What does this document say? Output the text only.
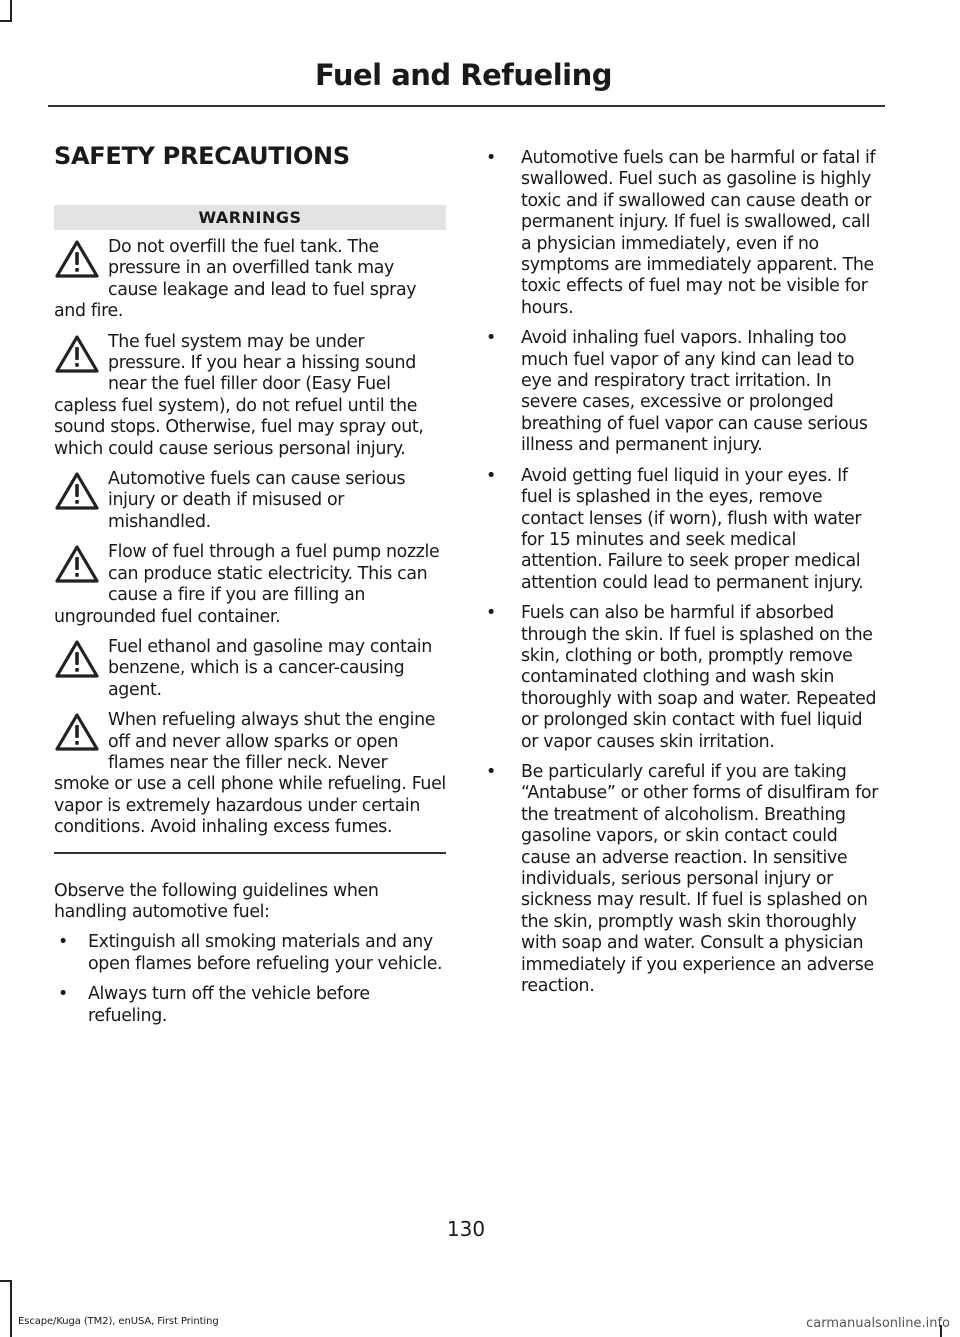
Fuel and Refueling
SAFETY PRECAUTIONS
WARNINGS
Do not overfill the fuel tank. The pressure in an overfilled tank may cause leakage and lead to fuel spray and fire.
The fuel system may be under pressure. If you hear a hissing sound near the fuel filler door (Easy Fuel capless fuel system), do not refuel until the sound stops. Otherwise, fuel may spray out, which could cause serious personal injury.
Automotive fuels can cause serious injury or death if misused or mishandled.
Flow of fuel through a fuel pump nozzle can produce static electricity. This can cause a fire if you are filling an ungrounded fuel container.
Fuel ethanol and gasoline may contain benzene, which is a cancer-causing agent.
When refueling always shut the engine off and never allow sparks or open flames near the filler neck. Never smoke or use a cell phone while refueling. Fuel vapor is extremely hazardous under certain conditions. Avoid inhaling excess fumes.

Observe the following guidelines when handling automotive fuel:

• Extinguish all smoking materials and any open flames before refueling your vehicle.
• Always turn off the vehicle before refueling.
• Automotive fuels can be harmful or fatal if swallowed. Fuel such as gasoline is highly toxic and if swallowed can cause death or permanent injury. If fuel is swallowed, call a physician immediately, even if no symptoms are immediately apparent. The toxic effects of fuel may not be visible for hours.
• Avoid inhaling fuel vapors. Inhaling too much fuel vapor of any kind can lead to eye and respiratory tract irritation. In severe cases, excessive or prolonged breathing of fuel vapor can cause serious illness and permanent injury.
• Avoid getting fuel liquid in your eyes. If fuel is splashed in the eyes, remove contact lenses (if worn), flush with water for 15 minutes and seek medical attention. Failure to seek proper medical attention could lead to permanent injury.
• Fuels can also be harmful if absorbed through the skin. If fuel is splashed on the skin, clothing or both, promptly remove contaminated clothing and wash skin thoroughly with soap and water. Repeated or prolonged skin contact with fuel liquid or vapor causes skin irritation.
• Be particularly careful if you are taking “Antabuse” or other forms of disulfiram for the treatment of alcoholism. Breathing gasoline vapors, or skin contact could cause an adverse reaction. In sensitive individuals, serious personal injury or sickness may result. If fuel is splashed on the skin, promptly wash skin thoroughly with soap and water. Consult a physician immediately if you experience an adverse reaction.
130
Escape/Kuga (TM2), enUSA, First Printing	carmanualsonline.info
